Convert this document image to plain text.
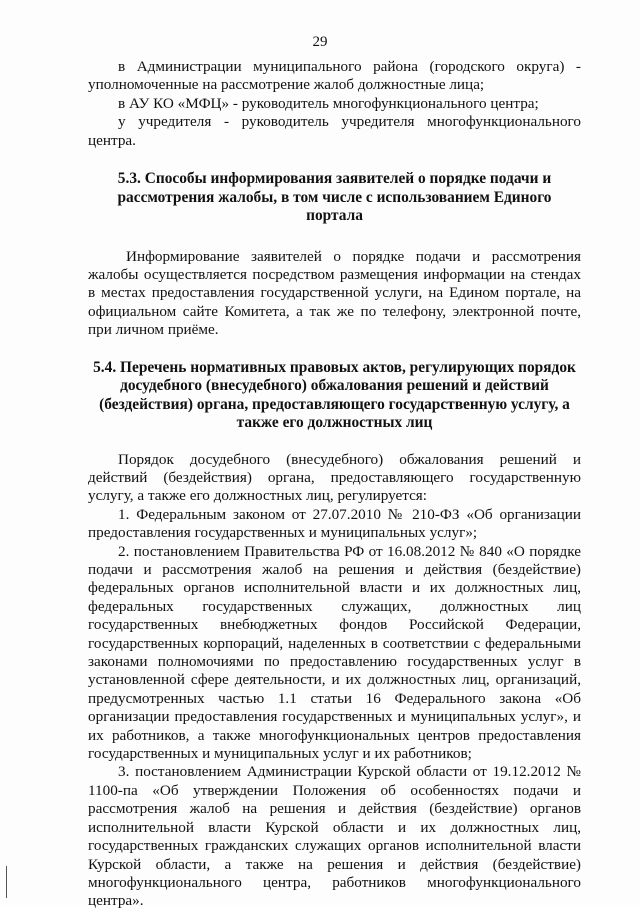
29

в Администрации муниципального района (городского округа) - уполномоченные на рассмотрение жалоб должностные лица;

в АУ КО «МФЦ» - руководитель многофункционального центра;

у учредителя - руководитель учредителя многофункционального центра.

5.3. Способы информирования заявителей о порядке подачи и рассмотрения жалобы, в том числе с использованием Единого портала

Информирование заявителей о порядке подачи и рассмотрения жалобы осуществляется посредством размещения информации на стендах в местах предоставления государственной услуги, на Едином портале, на официальном сайте Комитета, а так же по телефону, электронной почте, при личном приёме.

5.4. Перечень нормативных правовых актов, регулирующих порядок досудебного (внесудебного) обжалования решений и действий (бездействия) органа, предоставляющего государственную услугу, а также его должностных лиц

Порядок досудебного (внесудебного) обжалования решений и действий (бездействия) органа, предоставляющего государственную услугу, а также его должностных лиц, регулируется:

1. Федеральным законом от 27.07.2010 № 210-ФЗ «Об организации предоставления государственных и муниципальных услуг»;

2. постановлением Правительства РФ от 16.08.2012 № 840 «О порядке подачи и рассмотрения жалоб на решения и действия (бездействие) федеральных органов исполнительной власти и их должностных лиц, федеральных государственных служащих, должностных лиц государственных внебюджетных фондов Российской Федерации, государственных корпораций, наделенных в соответствии с федеральными законами полномочиями по предоставлению государственных услуг в установленной сфере деятельности, и их должностных лиц, организаций, предусмотренных частью 1.1 статьи 16 Федерального закона «Об организации предоставления государственных и муниципальных услуг», и их работников, а также многофункциональных центров предоставления государственных и муниципальных услуг и их работников;

3. постановлением Администрации Курской области от 19.12.2012 № 1100-па «Об утверждении Положения об особенностях подачи и рассмотрения жалоб на решения и действия (бездействие) органов исполнительной власти Курской области и их должностных лиц, государственных гражданских служащих органов исполнительной власти Курской области, а также на решения и действия (бездействие) многофункционального центра, работников многофункционального центра».
